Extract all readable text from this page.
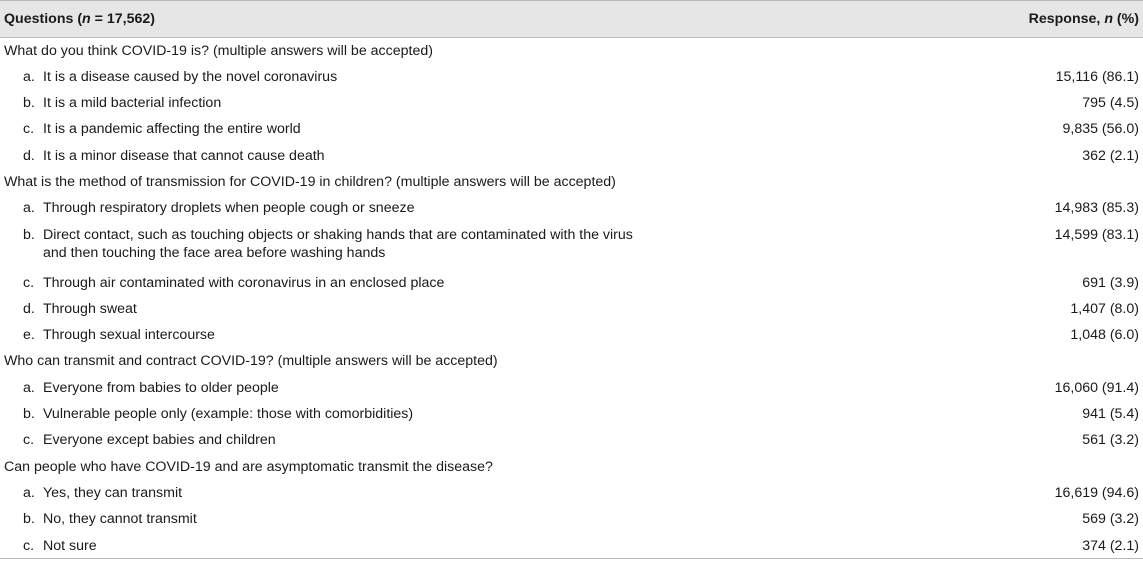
Questions (n = 17,562)	Response, n (%)
What do you think COVID-19 is? (multiple answers will be accepted)	

a. It is a disease caused by the novel coronavirus	15,116 (86.1)

b. It is a mild bacterial infection	795 (4.5)

c. It is a pandemic affecting the entire world	9,835 (56.0)

d. It is a minor disease that cannot cause death	362 (2.1)
What is the method of transmission for COVID-19 in children? (multiple answers will be accepted)	

a. Through respiratory droplets when people cough or sneeze	14,983 (85.3)

b. Direct contact, such as touching objects or shaking hands that are contaminated with the virus and then touching the face area before washing hands	14,599 (83.1)

c. Through air contaminated with coronavirus in an enclosed place	691 (3.9)

d. Through sweat	1,407 (8.0)

e. Through sexual intercourse	1,048 (6.0)
Who can transmit and contract COVID-19? (multiple answers will be accepted)	

a. Everyone from babies to older people	16,060 (91.4)

b. Vulnerable people only (example: those with comorbidities)	941 (5.4)

c. Everyone except babies and children	561 (3.2)
Can people who have COVID-19 and are asymptomatic transmit the disease?	

a. Yes, they can transmit	16,619 (94.6)

b. No, they cannot transmit	569 (3.2)

c. Not sure	374 (2.1)
